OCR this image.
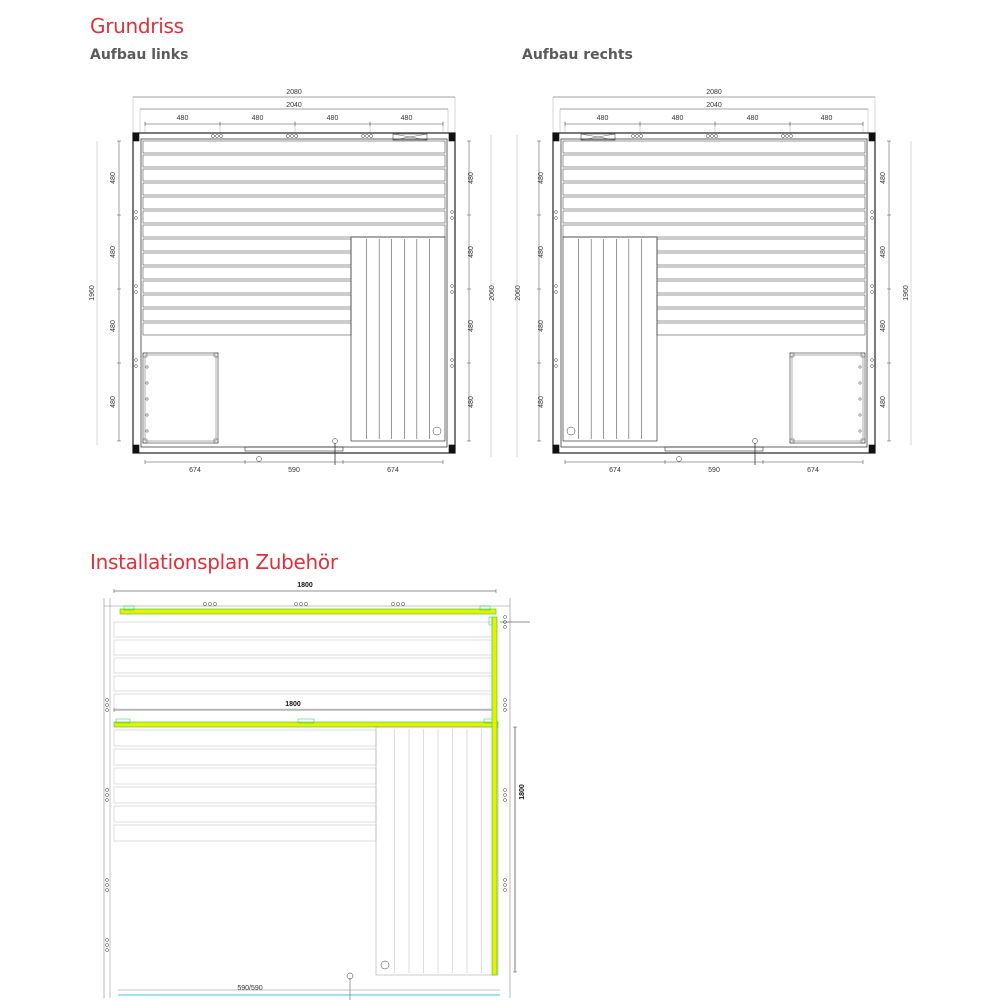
Grundriss
Aufbau links	Aufbau rechts
Installationsplan Zubehör
2080
2040
480	480	480	480
480	480
480	480
480	480
480	480
1960	2060
674	590	674
2080
2040
480	480	480	480
480
480
480
480
480
480
480
480
1960
2060
674	590	674
1800
1800
1800
590/590
